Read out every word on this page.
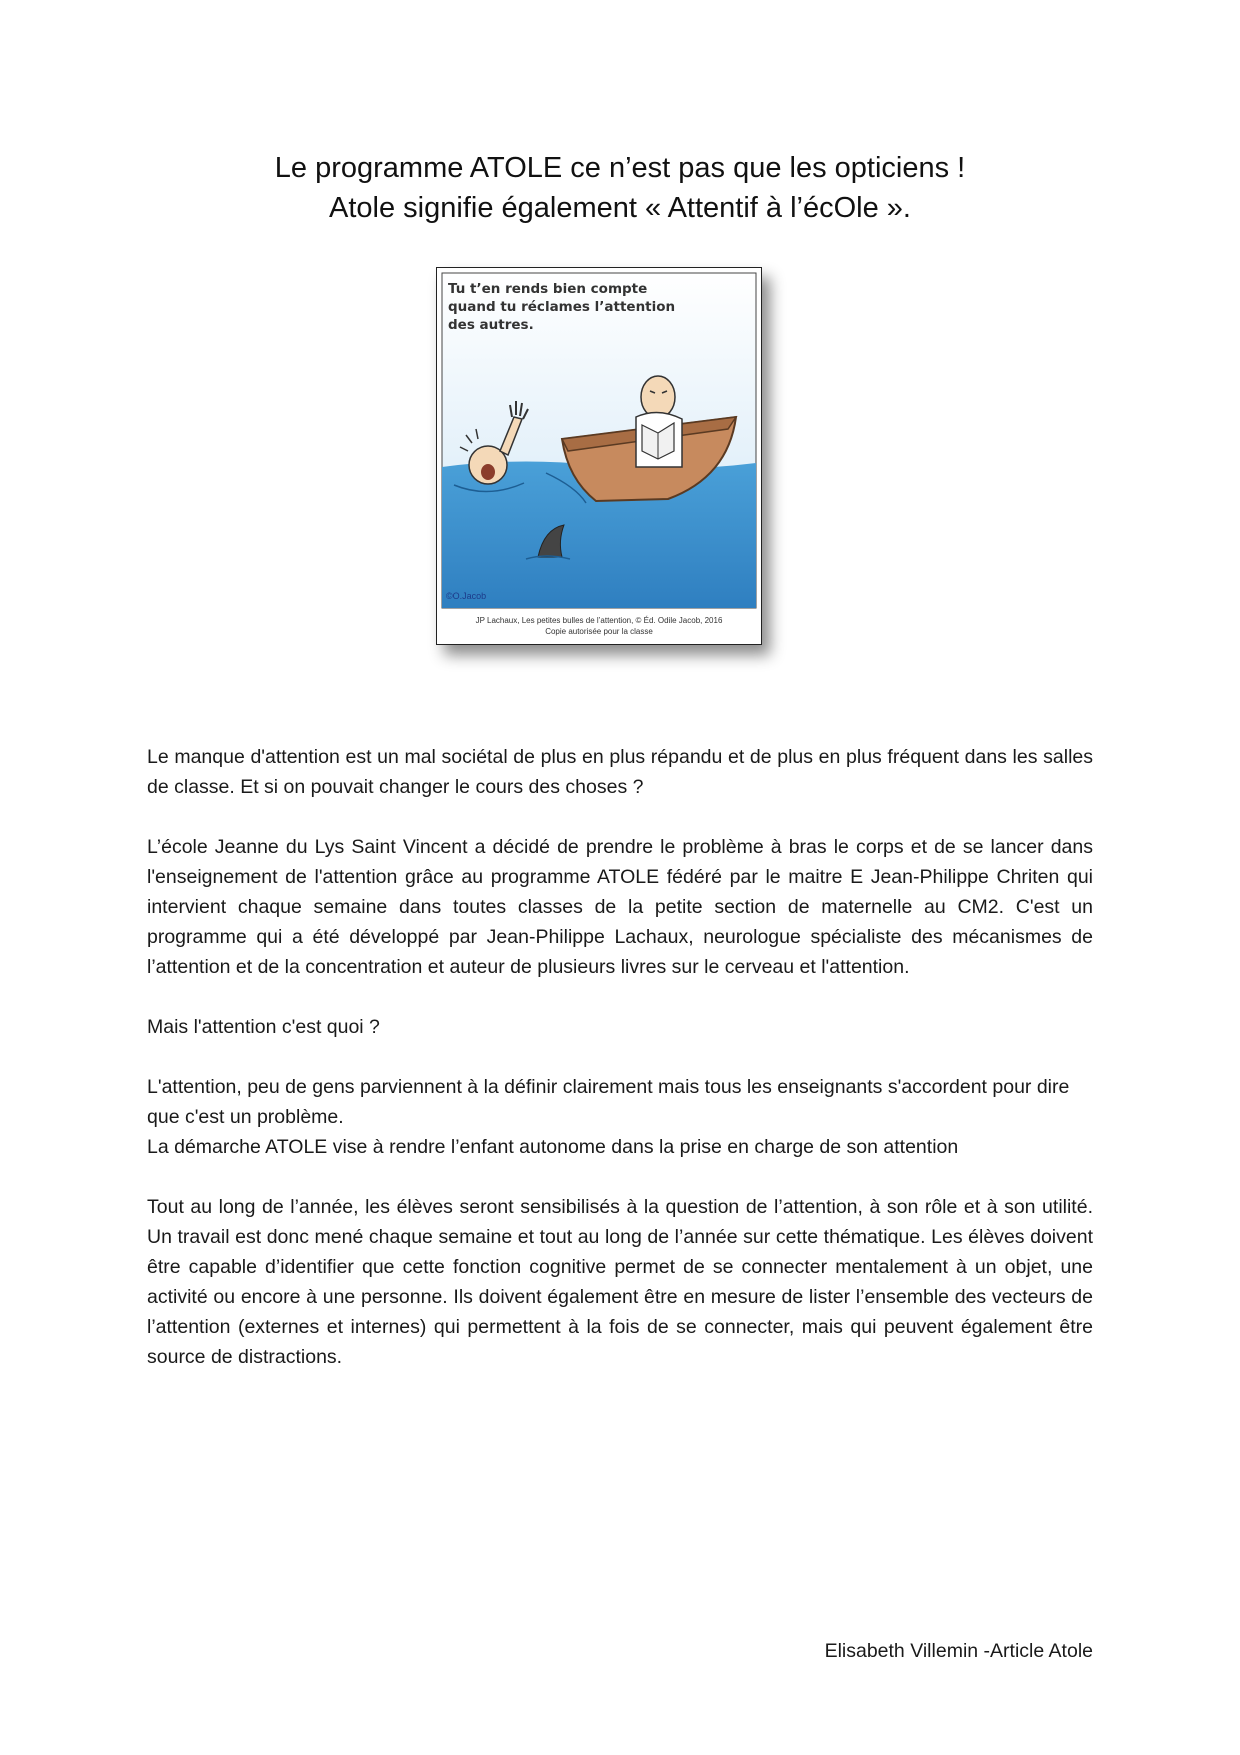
Le programme ATOLE ce n’est pas que les opticiens !
Atole signifie également « Attentif à l’écOle ».
©O.Jacob
Tu t’en rends bien compte
quand tu réclames l’attention
des autres.
JP Lachaux, Les petites bulles de l’attention, © Éd. Odile Jacob, 2016
Copie autorisée pour la classe

Le manque d'attention est un mal sociétal de plus en plus répandu et de plus en plus fréquent dans les salles de classe. Et si on pouvait changer le cours des choses ?

L’école Jeanne du Lys Saint Vincent a décidé de prendre le problème à bras le corps et de se lancer dans l'enseignement de l'attention grâce au programme ATOLE fédéré par le maitre E Jean-Philippe Chriten qui intervient chaque semaine dans toutes classes de la petite section de maternelle au CM2. C'est un programme qui a été développé par Jean-Philippe Lachaux, neurologue spécialiste des mécanismes de l’attention et de la concentration et auteur de plusieurs livres sur le cerveau et l'attention.

Mais l'attention c'est quoi ?

L'attention, peu de gens parviennent à la définir clairement mais tous les enseignants s'accordent pour dire que c'est un problème.
La démarche ATOLE vise à rendre l’enfant autonome dans la prise en charge de son attention

Tout au long de l’année, les élèves seront sensibilisés à la question de l’attention, à son rôle et à son utilité. Un travail est donc mené chaque semaine et tout au long de l’année sur cette thématique. Les élèves doivent être capable d’identifier que cette fonction cognitive permet de se connecter mentalement à un objet, une activité ou encore à une personne. Ils doivent également être en mesure de lister l’ensemble des vecteurs de l’attention (externes et internes) qui permettent à la fois de se connecter, mais qui peuvent également être source de distractions.

Elisabeth Villemin -Article Atole
